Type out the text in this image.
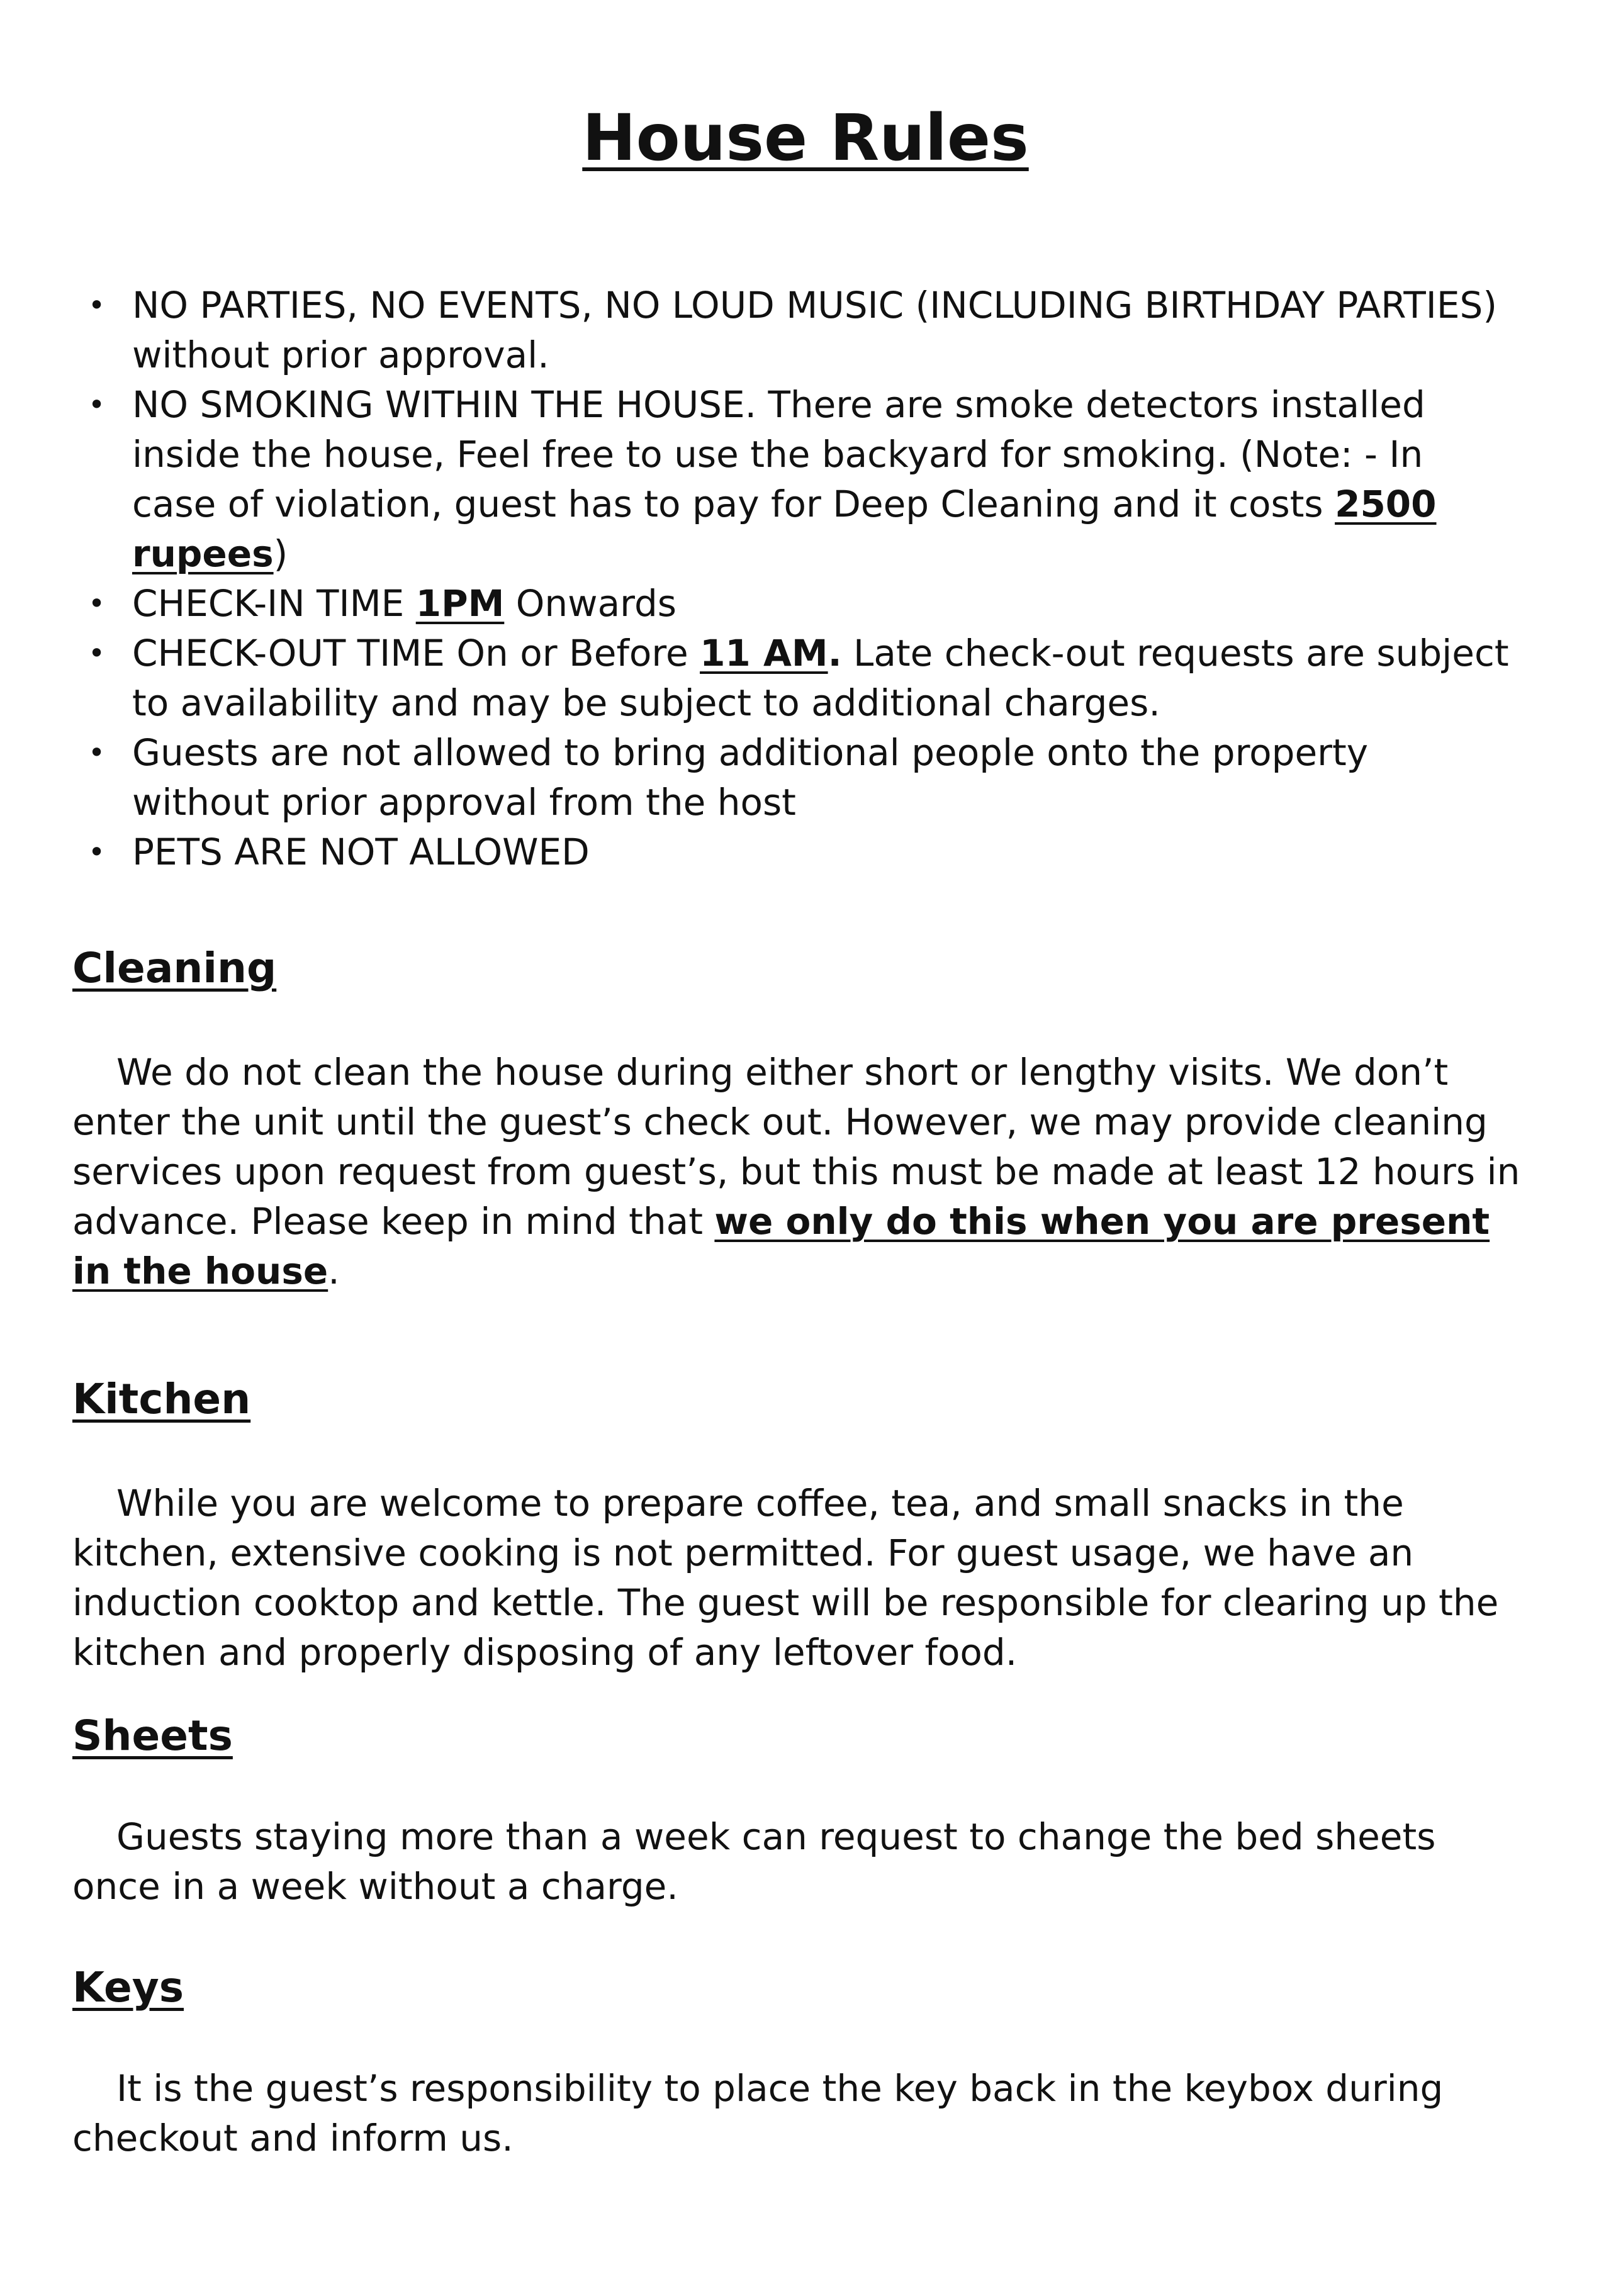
House Rules
• NO PARTIES, NO EVENTS, NO LOUD MUSIC (INCLUDING BIRTHDAY PARTIES) without prior approval.
• NO SMOKING WITHIN THE HOUSE. There are smoke detectors installed inside the house, Feel free to use the backyard for smoking. (Note: - In case of violation, guest has to pay for Deep Cleaning and it costs 2500 rupees)
• CHECK-IN TIME 1PM Onwards
• CHECK-OUT TIME On or Before 11 AM. Late check-out requests are subject to availability and may be subject to additional charges.
• Guests are not allowed to bring additional people onto the property without prior approval from the host
• PETS ARE NOT ALLOWED
Cleaning

We do not clean the house during either short or lengthy visits. We don’t enter the unit until the guest’s check out. However, we may provide cleaning services upon request from guest’s, but this must be made at least 12 hours in advance. Please keep in mind that we only do this when you are present in the house.

Kitchen

While you are welcome to prepare coffee, tea, and small snacks in the kitchen, extensive cooking is not permitted. For guest usage, we have an induction cooktop and kettle. The guest will be responsible for clearing up the kitchen and properly disposing of any leftover food.

Sheets

Guests staying more than a week can request to change the bed sheets once in a week without a charge.

Keys

It is the guest’s responsibility to place the key back in the keybox during checkout and inform us.
